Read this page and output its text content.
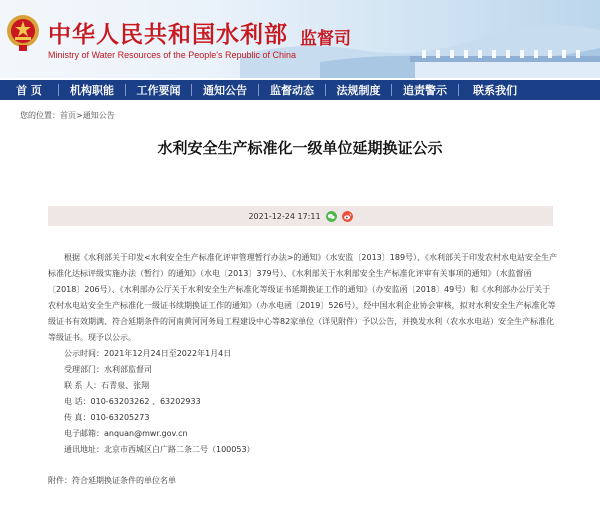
中华人民共和国水利部
Ministry of Water Resources of the People's Republic of China
监督司
首 页	机构职能	工作要闻	通知公告	监督动态	法规制度	追责警示	联系我们
您的位置：首页>通知公告
水利安全生产标准化一级单位延期换证公示
2021-12-24 17:11

根据《水利部关于印发<水利安全生产标准化评审管理暂行办法>的通知》（水安监〔2013〕189号）、《水利部关于印发农村水电站安全生产标准化达标评级实施办法（暂行）的通知》（水电〔2013〕379号）、《水利部关于水利部安全生产标准化评审有关事项的通知》（水监督函〔2018〕206号）、《水利部办公厅关于水利安全生产标准化等级证书延期换证工作的通知》（办安监函〔2018〕49号）和《水利部办公厅关于农村水电站安全生产标准化一级证书续期换证工作的通知》（办水电函〔2019〕526号），经中国水利企业协会审核，拟对水利安全生产标准化等级证书有效期满、符合延期条件的河南黄河河务局工程建设中心等82家单位（详见附件）予以公告，并换发水利（农水水电站）安全生产标准化等级证书。现予以公示。

公示时间：2021年12月24日至2022年1月4日

受理部门：水利部监督司

联 系 人：石青泉、张翔

电 话：010-63203262 、63202933

传 真：010-63205273

电子邮箱：anquan@mwr.gov.cn

通讯地址：北京市西城区白广路二条二号（100053）

附件：符合延期换证条件的单位名单
